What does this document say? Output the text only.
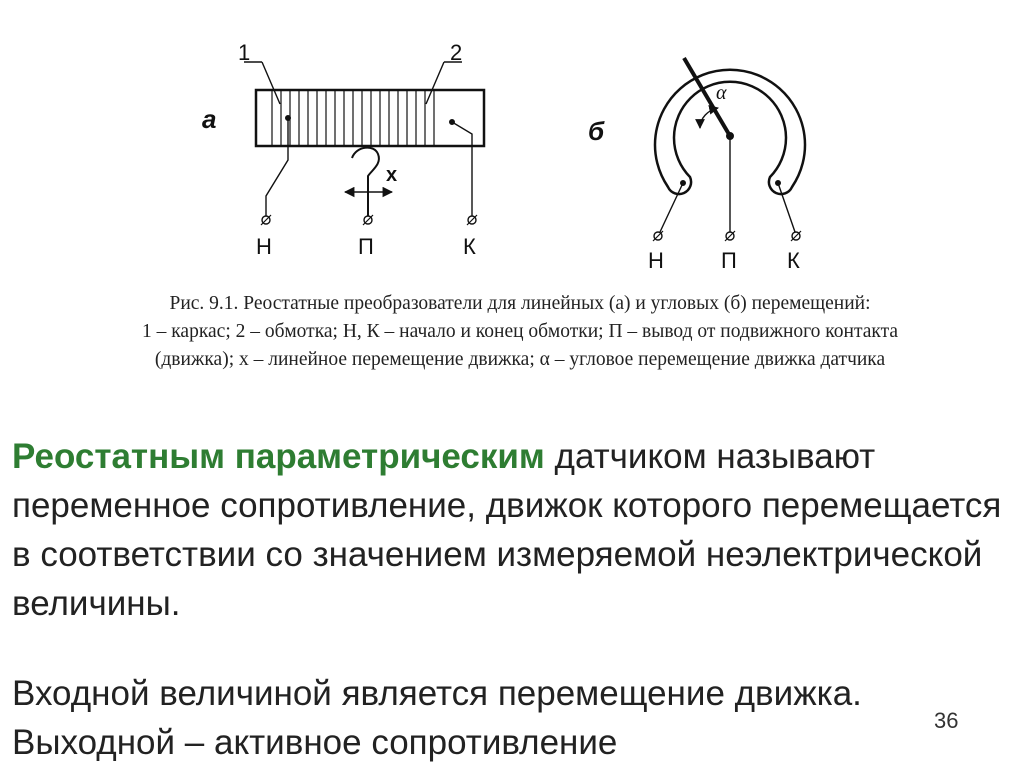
а
1	2
x
Н	П	К
б
α
Н	П К
Рис. 9.1. Реостатные преобразователи для линейных (а) и угловых (б) перемещений:
1 – каркас; 2 – обмотка; Н, К – начало и конец обмотки; П – вывод от подвижного контакта
(движка); x – линейное перемещение движка; α – угловое перемещение движка датчика
Реостатным параметрическим датчиком называют переменное сопротивление, движок которого перемещается в соответствии со значением измеряемой неэлектрической величины.
Входной величиной является перемещение движка.
Выходной – активное сопротивление
36
